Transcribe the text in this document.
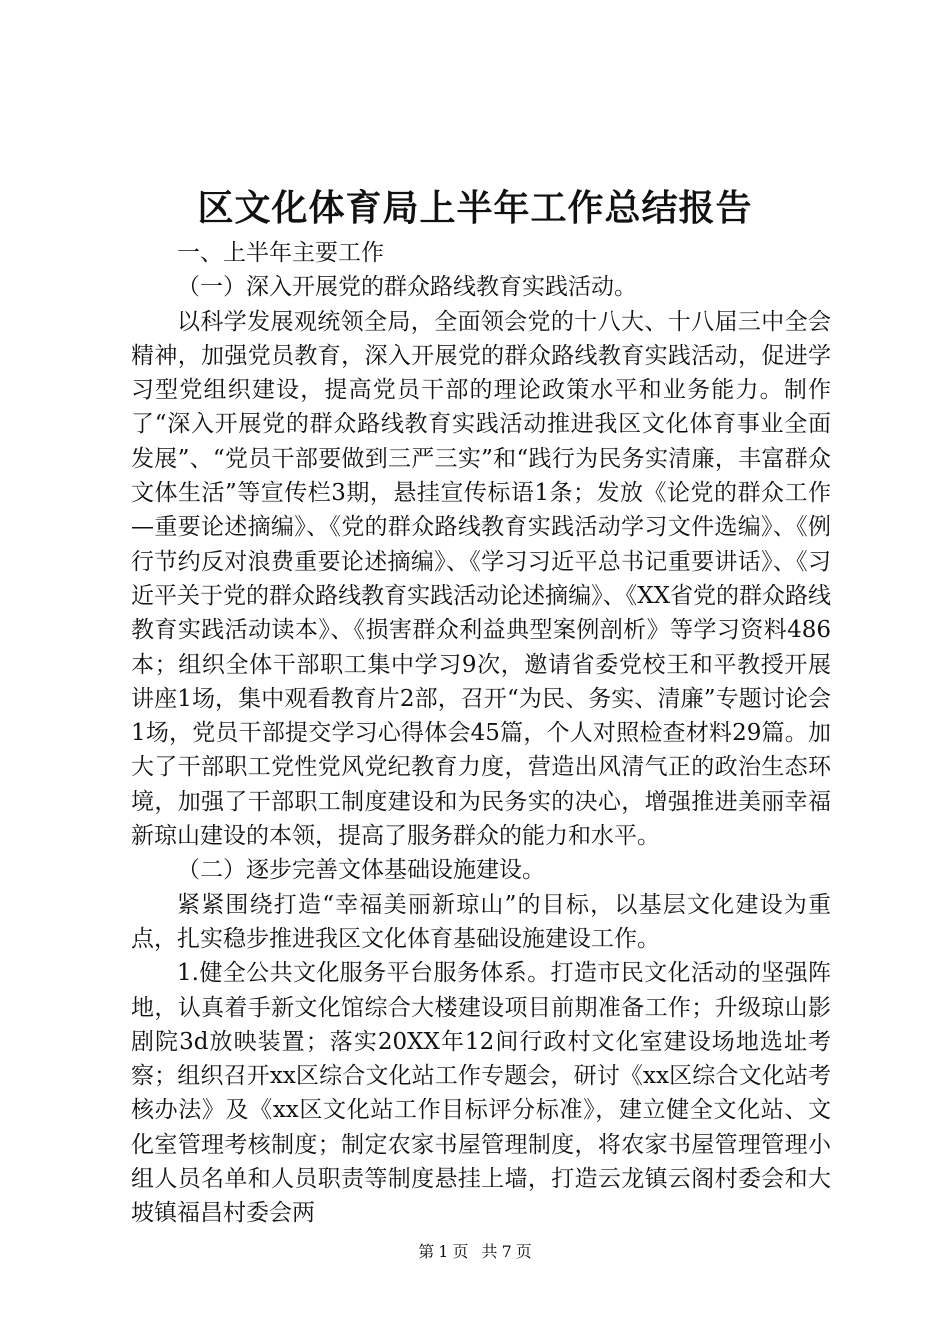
区文化体育局上半年工作总结报告

一、上半年主要工作

（一）深入开展党的群众路线教育实践活动。

以科学发展观统领全局，全面领会党的十八大、十八届三中全会精神，加强党员教育，深入开展党的群众路线教育实践活动，促进学习型党组织建设，提高党员干部的理论政策水平和业务能力。制作了“深入开展党的群众路线教育实践活动推进我区文化体育事业全面发展”、“党员干部要做到三严三实”和“践行为民务实清廉，丰富群众文体生活”等宣传栏3期，悬挂宣传标语1条；发放《论党的群众工作—重要论述摘编》、《党的群众路线教育实践活动学习文件选编》、《例行节约反对浪费重要论述摘编》、《学习习近平总书记重要讲话》、《习近平关于党的群众路线教育实践活动论述摘编》、《XX省党的群众路线教育实践活动读本》、《损害群众利益典型案例剖析》等学习资料486本；组织全体干部职工集中学习9次，邀请省委党校王和平教授开展讲座1场，集中观看教育片2部，召开“为民、务实、清廉”专题讨论会1场，党员干部提交学习心得体会45篇，个人对照检查材料29篇。加大了干部职工党性党风党纪教育力度，营造出风清气正的政治生态环境，加强了干部职工制度建设和为民务实的决心，增强推进美丽幸福新琼山建设的本领，提高了服务群众的能力和水平。

（二）逐步完善文体基础设施建设。

紧紧围绕打造“幸福美丽新琼山”的目标，以基层文化建设为重点，扎实稳步推进我区文化体育基础设施建设工作。

1.健全公共文化服务平台服务体系。打造市民文化活动的坚强阵地，认真着手新文化馆综合大楼建设项目前期准备工作；升级琼山影剧院3d放映装置；落实20XX年12间行政村文化室建设场地选址考察；组织召开xx区综合文化站工作专题会，研讨《xx区综合文化站考核办法》及《xx区文化站工作目标评分标准》，建立健全文化站、文化室管理考核制度；制定农家书屋管理制度，将农家书屋管理管理小组人员名单和人员职责等制度悬挂上墙，打造云龙镇云阁村委会和大坡镇福昌村委会两

第 1 页 共 7 页
